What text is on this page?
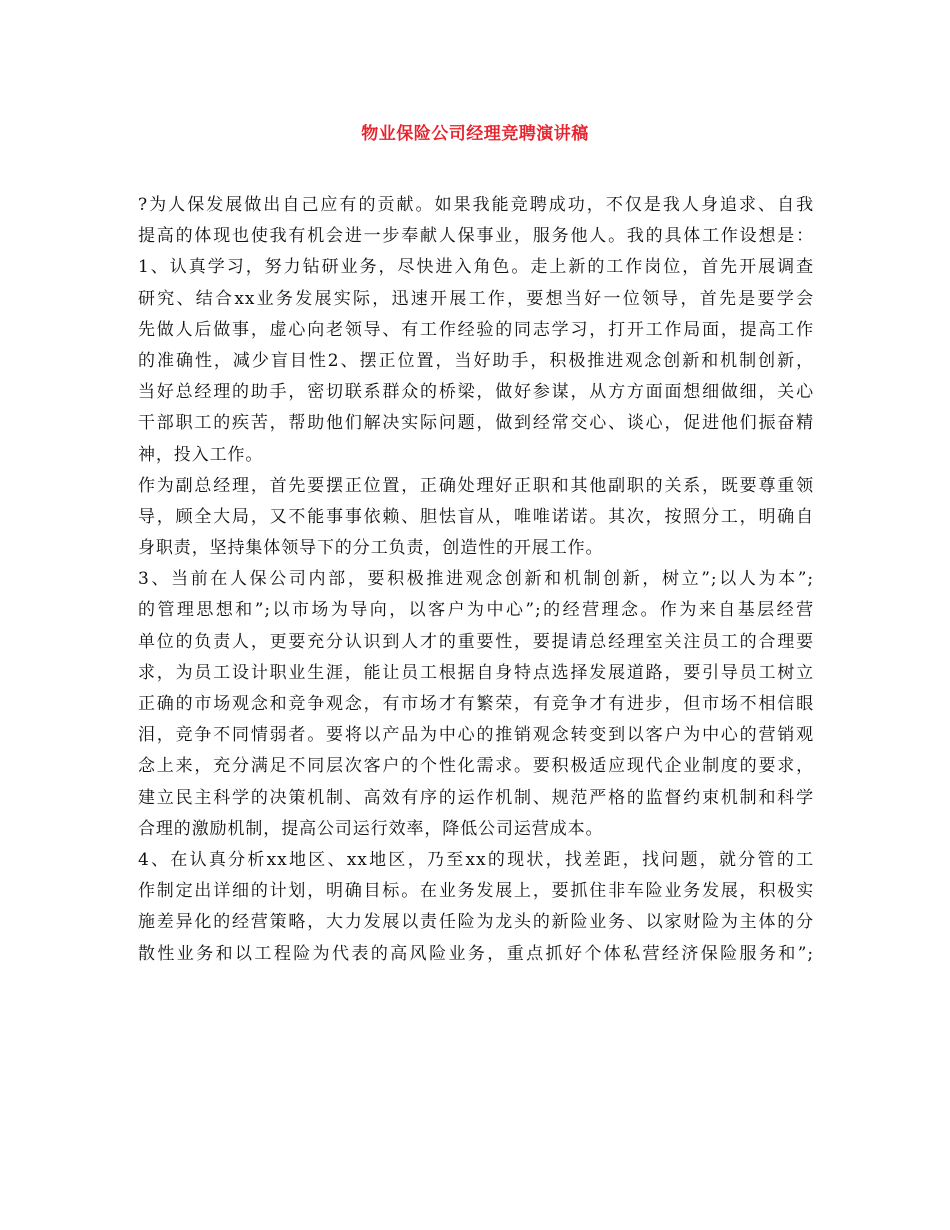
物业保险公司经理竞聘演讲稿
?为人保发展做出自己应有的贡献。如果我能竞聘成功，不仅是我人身追求、自我
提高的体现也使我有机会进一步奉献人保事业，服务他人。我的具体工作设想是：
1、认真学习，努力钻研业务，尽快进入角色。走上新的工作岗位，首先开展调查
研究、结合xx业务发展实际，迅速开展工作，要想当好一位领导，首先是要学会
先做人后做事，虚心向老领导、有工作经验的同志学习，打开工作局面，提高工作
的准确性，减少盲目性2、摆正位置，当好助手，积极推进观念创新和机制创新，
当好总经理的助手，密切联系群众的桥梁，做好参谋，从方方面面想细做细，关心
干部职工的疾苦，帮助他们解决实际问题，做到经常交心、谈心，促进他们振奋精
神，投入工作。
作为副总经理，首先要摆正位置，正确处理好正职和其他副职的关系，既要尊重领
导，顾全大局，又不能事事依赖、胆怯盲从，唯唯诺诺。其次，按照分工，明确自
身职责，坚持集体领导下的分工负责，创造性的开展工作。
3、当前在人保公司内部，要积极推进观念创新和机制创新，树立”;以人为本”;
的管理思想和”;以市场为导向，以客户为中心”;的经营理念。作为来自基层经营
单位的负责人，更要充分认识到人才的重要性，要提请总经理室关注员工的合理要
求，为员工设计职业生涯，能让员工根据自身特点选择发展道路，要引导员工树立
正确的市场观念和竞争观念，有市场才有繁荣，有竞争才有进步，但市场不相信眼
泪，竞争不同情弱者。要将以产品为中心的推销观念转变到以客户为中心的营销观
念上来，充分满足不同层次客户的个性化需求。要积极适应现代企业制度的要求，
建立民主科学的决策机制、高效有序的运作机制、规范严格的监督约束机制和科学
合理的激励机制，提高公司运行效率，降低公司运营成本。
4、在认真分析xx地区、xx地区，乃至xx的现状，找差距，找问题，就分管的工
作制定出详细的计划，明确目标。在业务发展上，要抓住非车险业务发展，积极实
施差异化的经营策略，大力发展以责任险为龙头的新险业务、以家财险为主体的分
散性业务和以工程险为代表的高风险业务，重点抓好个体私营经济保险服务和”;
